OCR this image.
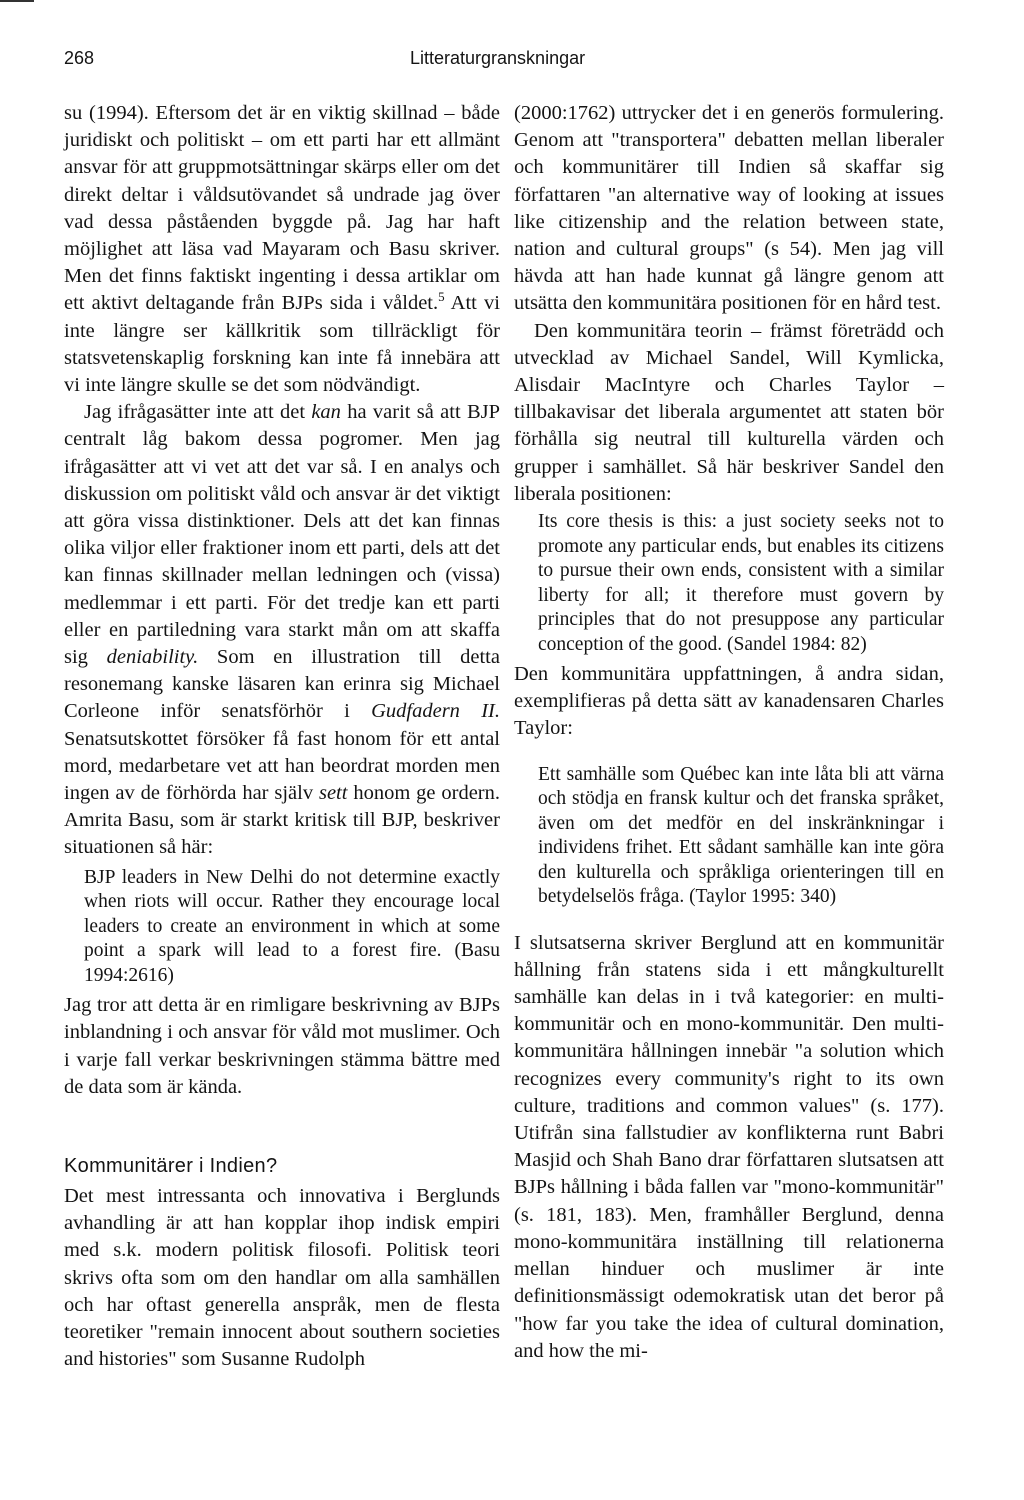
268	Litteraturgranskningar

su (1994). Eftersom det är en viktig skillnad – både juridiskt och politiskt – om ett parti har ett allmänt ansvar för att gruppmotsättningar skärps eller om det direkt deltar i våldsutövandet så undrade jag över vad dessa påståenden byggde på. Jag har haft möjlighet att läsa vad Mayaram och Basu skriver. Men det finns faktiskt ingenting i dessa artiklar om ett aktivt deltagande från BJPs sida i våldet.$^5$ Att vi inte längre ser källkritik som tillräckligt för statsvetenskaplig forskning kan inte få innebära att vi inte längre skulle se det som nödvändigt.

Jag ifrågasätter inte att det kan ha varit så att BJP centralt låg bakom dessa pogromer. Men jag ifrågasätter att vi vet att det var så. I en analys och diskussion om politiskt våld och ansvar är det viktigt att göra vissa distinktioner. Dels att det kan finnas olika viljor eller fraktioner inom ett parti, dels att det kan finnas skillnader mellan ledningen och (vissa) medlemmar i ett parti. För det tredje kan ett parti eller en partiledning vara starkt mån om att skaffa sig deniability. Som en illustration till detta resonemang kanske läsaren kan erinra sig Michael Corleone inför senatsförhör i Gudfadern II. Senatsutskottet försöker få fast honom för ett antal mord, medarbetare vet att han beordrat morden men ingen av de förhörda har själv sett honom ge ordern. Amrita Basu, som är starkt kritisk till BJP, beskriver situationen så här:

BJP leaders in New Delhi do not determine exactly when riots will occur. Rather they encourage local leaders to create an environment in which at some point a spark will lead to a forest fire. (Basu 1994:2616)

Jag tror att detta är en rimligare beskrivning av BJPs inblandning i och ansvar för våld mot muslimer. Och i varje fall verkar beskrivningen stämma bättre med de data som är kända.

Kommunitärer i Indien?

Det mest intressanta och innovativa i Berglunds avhandling är att han kopplar ihop indisk empiri med s.k. modern politisk filosofi. Politisk teori skrivs ofta som om den handlar om alla samhällen och har oftast generella anspråk, men de flesta teoretiker "remain innocent about southern societies and histories" som Susanne Rudolph

(2000:1762) uttrycker det i en generös formulering. Genom att "transportera" debatten mellan liberaler och kommunitärer till Indien så skaffar sig författaren "an alternative way of looking at issues like citizenship and the relation between state, nation and cultural groups" (s 54). Men jag vill hävda att han hade kunnat gå längre genom att utsätta den kommunitära positionen för en hård test.

Den kommunitära teorin – främst företrädd och utvecklad av Michael Sandel, Will Kymlicka, Alisdair MacIntyre och Charles Taylor – tillbakavisar det liberala argumentet att staten bör förhålla sig neutral till kulturella värden och grupper i samhället. Så här beskriver Sandel den liberala positionen:

Its core thesis is this: a just society seeks not to promote any particular ends, but enables its citizens to pursue their own ends, consistent with a similar liberty for all; it therefore must govern by principles that do not presuppose any particular conception of the good. (Sandel 1984: 82)

Den kommunitära uppfattningen, å andra sidan, exemplifieras på detta sätt av kanadensaren Charles Taylor:

Ett samhälle som Québec kan inte låta bli att värna och stödja en fransk kultur och det franska språket, även om det medför en del inskränkningar i individens frihet. Ett sådant samhälle kan inte göra den kulturella och språkliga orienteringen till en betydelselös fråga. (Taylor 1995: 340)

I slutsatserna skriver Berglund att en kommunitär hållning från statens sida i ett mångkulturellt samhälle kan delas in i två kategorier: en multikommunitär och en mono-kommunitär. Den multi-kommunitära hållningen innebär "a solution which recognizes every community's right to its own culture, traditions and common values" (s. 177). Utifrån sina fallstudier av konflikterna runt Babri Masjid och Shah Bano drar författaren slutsatsen att BJPs hållning i båda fallen var "mono-kommunitär" (s. 181, 183). Men, framhåller Berglund, denna mono-kommunitära inställning till relationerna mellan hinduer och muslimer är inte definitionsmässigt odemokratisk utan det beror på "how far you take the idea of cultural domination, and how the mi-
